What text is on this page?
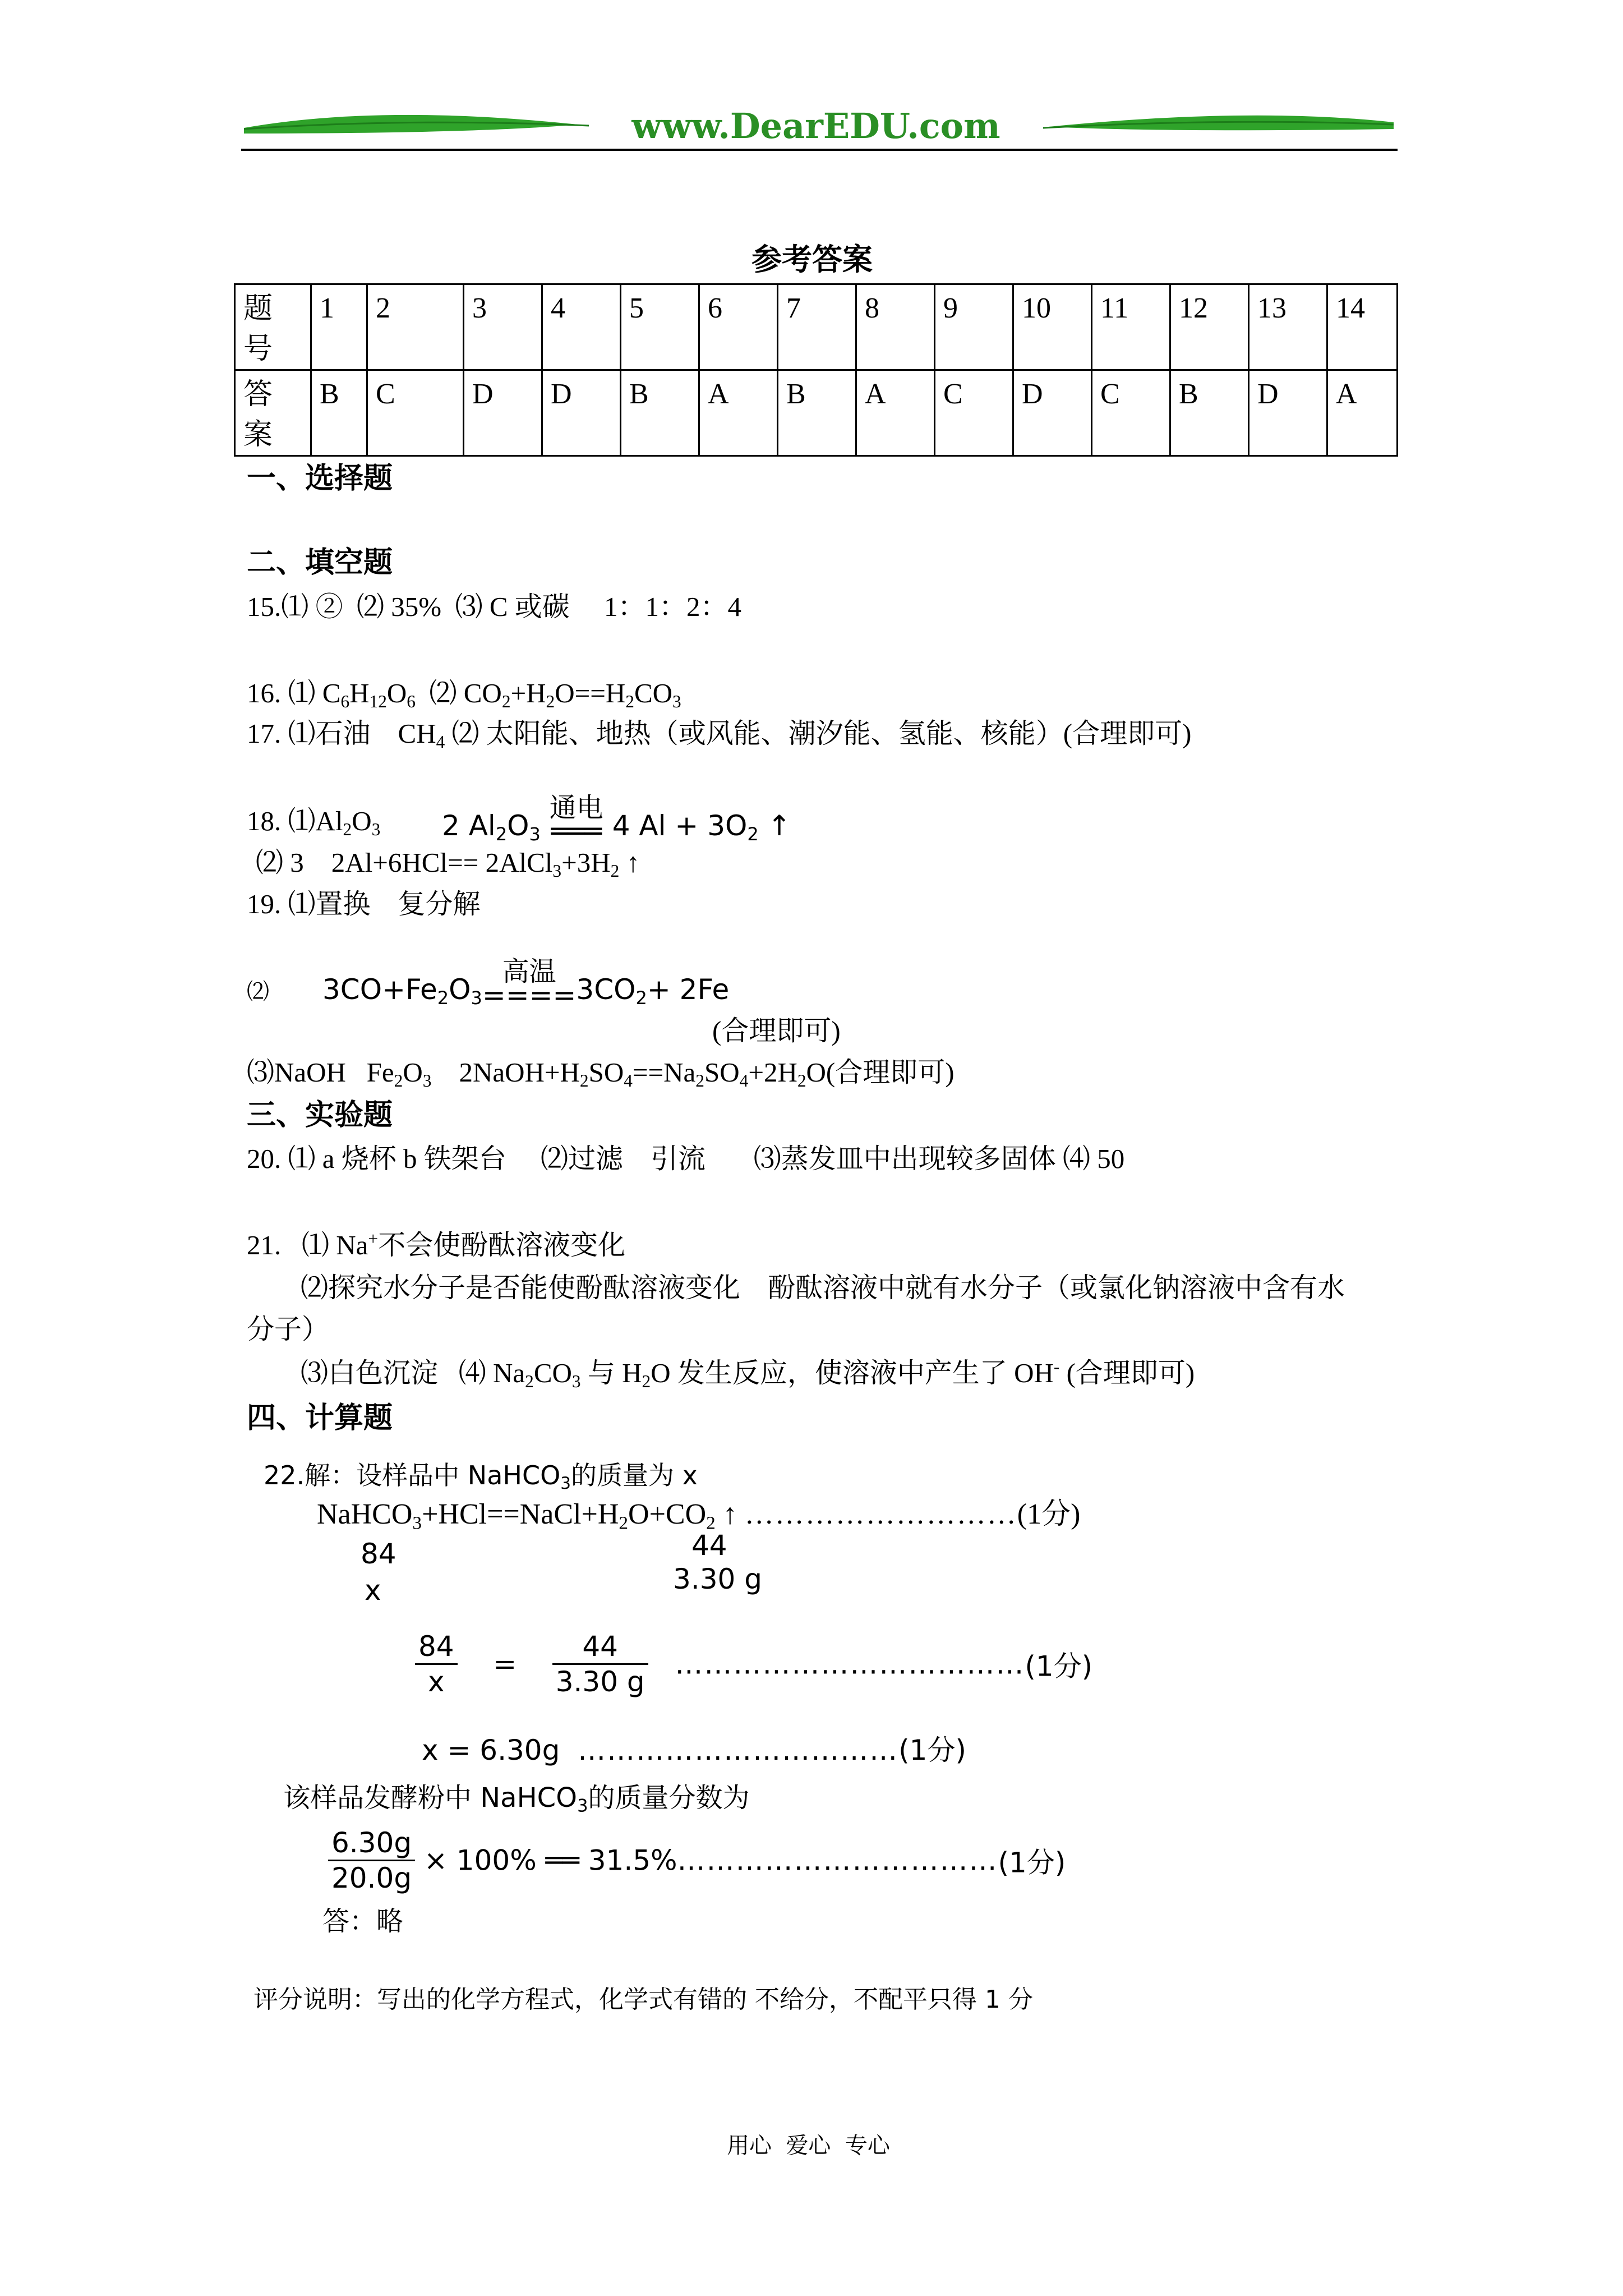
www.DearEDU.com
参考答案
题号	1	2	3	4	5	6	7	8	9	10	11	12	13	14

答案	B	C	D	D	B	A	B	A	C	D	C	B	D	A
一、选择题
二、填空题
15.⑴ ② ⑵ 35% ⑶ C 或碳 1：1：2：4
16. ⑴ $C_6H_{12}O_6$ ⑵ $CO_2+H_2O==H_2CO_3$
17. ⑴石油    $CH_4$ ⑵ 太阳能、地热（或风能、潮汐能、氢能、核能）(合理即可)
18. $⑴Al_2O_3$ 2 $Al_2O_3$
通电
═══ 4 $Al + 3O_2$ ↑
⑵ 3    $2Al+6HCl== 2AlCl_3+3H_2$ ↑
19. ⑴置换　复分解
⑵ $3CO+Fe_2O_3$
高温
==== $3CO_2+ 2Fe$
(合理即可)
⑶NaOH   $Fe_2O_3$    $2NaOH+H_2SO_4==Na_2SO_4+2H_2O$(合理即可)
三、实验题
20. ⑴ a 烧杯 b 铁架台 ⑵过滤　引流 ⑶蒸发皿中出现较多固体 ⑷ 50
21. ⑴ Na+不会使酚酞溶液变化
⑵探究水分子是否能使酚酞溶液变化　酚酞溶液中就有水分子（或氯化钠溶液中含有水
分子）
⑶白色沉淀 ⑷ $Na_2CO_3$ 与 $H_2O$ 发生反应，使溶液中产生了 OH- (合理即可)
四、计算题
22.解：设样品中 NaHCO$_3$的质量为 x
$NaHCO_3+HCl==NaCl+H_2O+CO_2$ ↑ ………………………(1分)
84	44
x	3.30 g
$\frac{84}{x} = \frac{44}{3.30 g}$ ………………………………(1分)
x = 6.30g ……………………………(1分)
该样品发酵粉中 NaHCO$_3$的质量分数为
$\frac{6.30g}{20.0g} \times 100\%$ ══ 31.5%……………………………(1分)
答：略
评分说明：写出的化学方程式，化学式有错的 不给分，不配平只得 1 分
用心  爱心  专心
